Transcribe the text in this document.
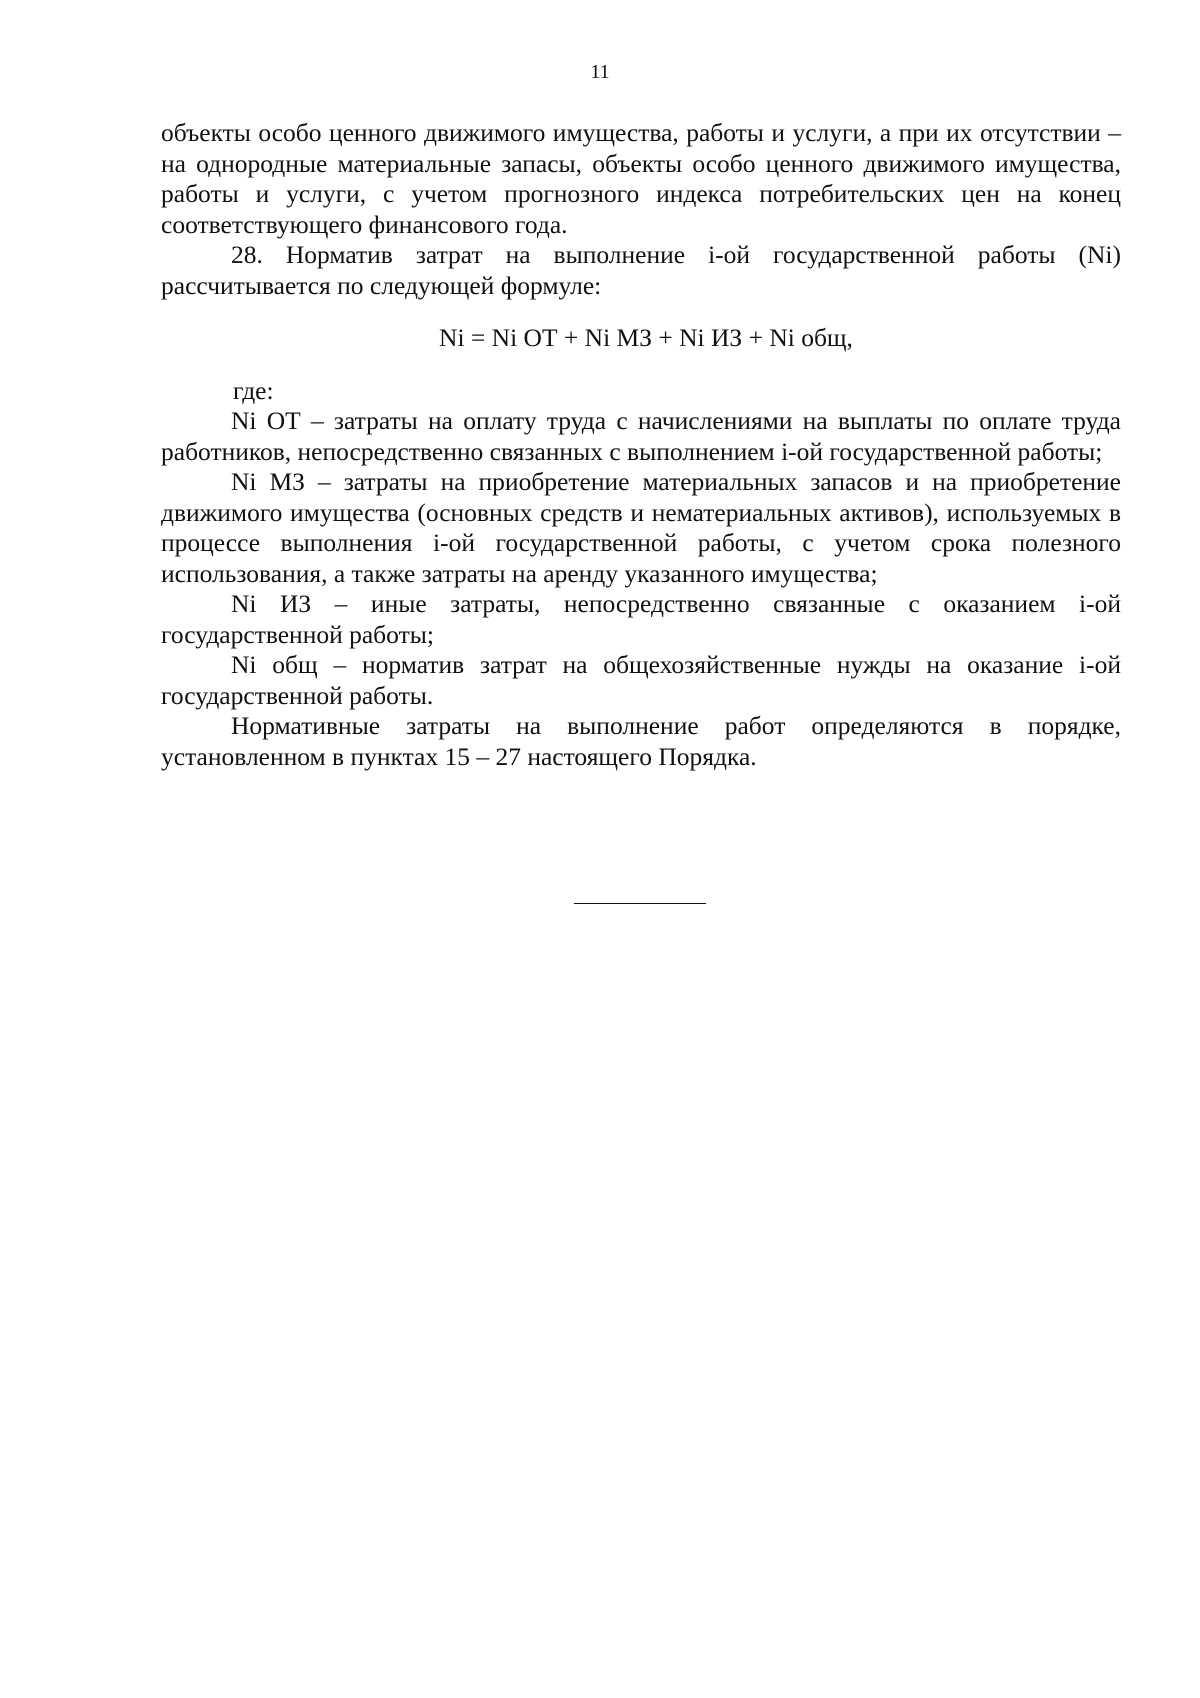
11

объекты особо ценного движимого имущества, работы и услуги, а при их отсутствии – на однородные материальные запасы, объекты особо ценного движимого имущества, работы и услуги, с учетом прогнозного индекса потребительских цен на конец соответствующего финансового года.

28. Норматив затрат на выполнение i-ой государственной работы (Ni) рассчитывается по следующей формуле:

Ni = Ni ОТ + Ni МЗ + Ni ИЗ + Ni общ,

где:

Ni ОТ – затраты на оплату труда с начислениями на выплаты по оплате труда работников, непосредственно связанных с выполнением i-ой государственной работы;

Ni МЗ – затраты на приобретение материальных запасов и на приобретение движимого имущества (основных средств и нематериальных активов), используемых в процессе выполнения i-ой государственной работы, с учетом срока полезного использования, а также затраты на аренду указанного имущества;

Ni ИЗ – иные затраты, непосредственно связанные с оказанием i-ой государственной работы;

Ni общ – норматив затрат на общехозяйственные нужды на оказание i-ой государственной работы.

Нормативные затраты на выполнение работ определяются в порядке, установленном в пунктах 15 – 27 настоящего Порядка.
